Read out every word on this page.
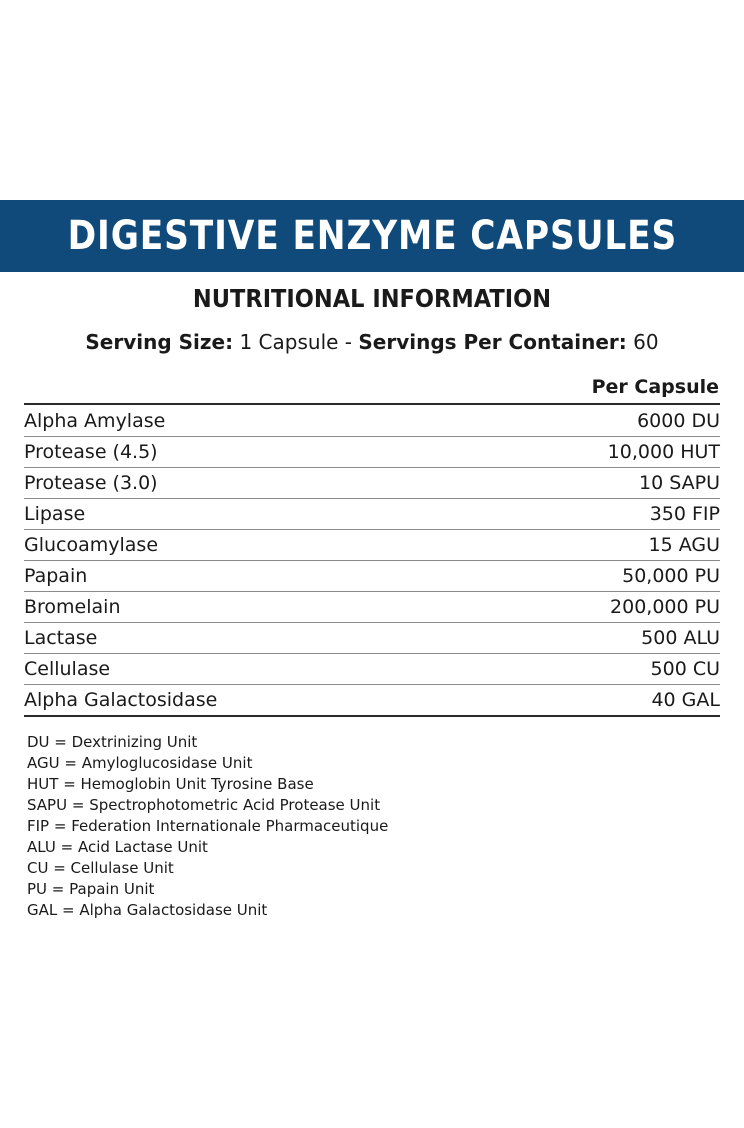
DIGESTIVE ENZYME CAPSULES
NUTRITIONAL INFORMATION
Serving Size: 1 Capsule - Servings Per Container: 60
Per Capsule
Alpha Amylase	6000 DU
Protease (4.5)	10,000 HUT
Protease (3.0)	10 SAPU
Lipase	350 FIP
Glucoamylase	15 AGU
Papain	50,000 PU
Bromelain	200,000 PU
Lactase	500 ALU
Cellulase	500 CU
Alpha Galactosidase	40 GAL
DU = Dextrinizing Unit
AGU = Amyloglucosidase Unit
HUT = Hemoglobin Unit Tyrosine Base
SAPU = Spectrophotometric Acid Protease Unit
FIP = Federation Internationale Pharmaceutique
ALU = Acid Lactase Unit
CU = Cellulase Unit
PU = Papain Unit
GAL = Alpha Galactosidase Unit
